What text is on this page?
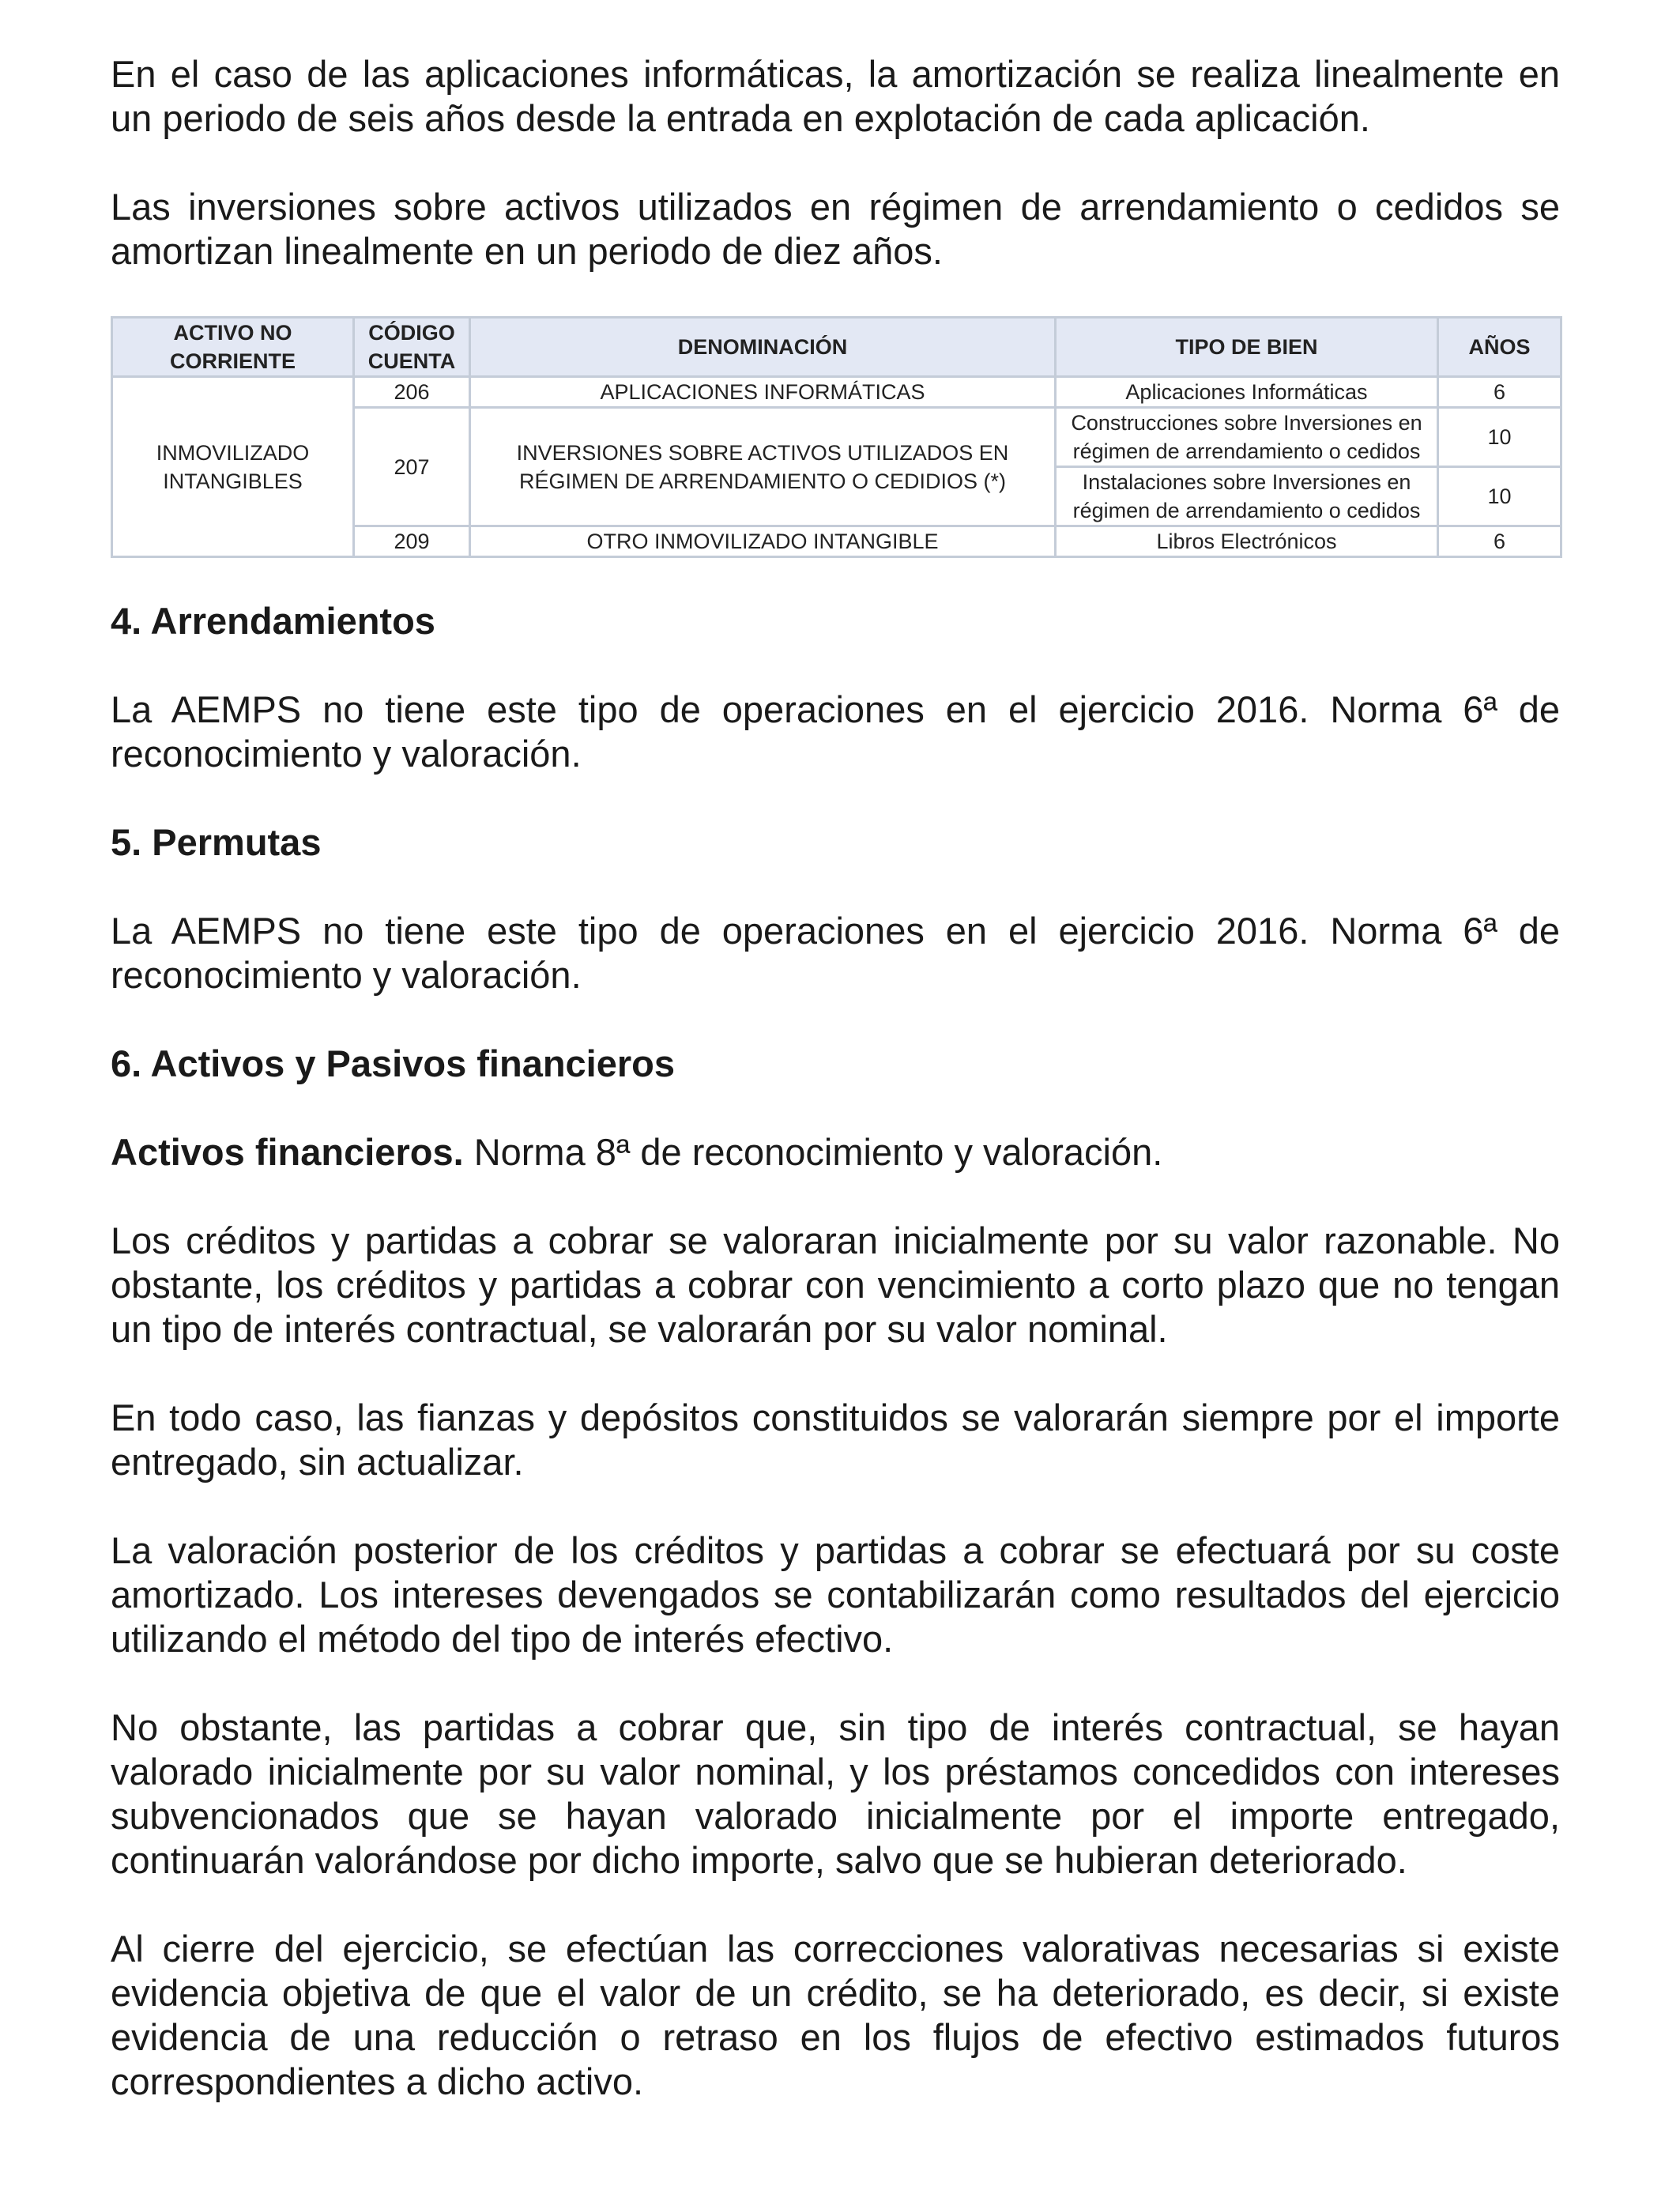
En el caso de las aplicaciones informáticas, la amortización se realiza linealmente en un periodo de seis años desde la entrada en explotación de cada aplicación.

Las inversiones sobre activos utilizados en régimen de arrendamiento o cedidos se amortizan linealmente en un periodo de diez años.

ACTIVO NO CORRIENTE	CÓDIGO CUENTA	DENOMINACIÓN	TIPO DE BIEN	AÑOS

INMOVILIZADO INTANGIBLES	206	APLICACIONES INFORMÁTICAS	Aplicaciones Informáticas	6
	207	INVERSIONES SOBRE ACTIVOS UTILIZADOS EN RÉGIMEN DE ARRENDAMIENTO O CEDIDIOS (*)	Construcciones sobre Inversiones en régimen de arrendamiento o cedidos	10
			Instalaciones sobre Inversiones en régimen de arrendamiento o cedidos	10
	209	OTRO INMOVILIZADO INTANGIBLE	Libros Electrónicos	6
4. Arrendamientos

La AEMPS no tiene este tipo de operaciones en el ejercicio 2016. Norma 6ª de reconocimiento y valoración.

5. Permutas

La AEMPS no tiene este tipo de operaciones en el ejercicio 2016. Norma 6ª de reconocimiento y valoración.

6. Activos y Pasivos financieros

Activos financieros. Norma 8ª de reconocimiento y valoración.

Los créditos y partidas a cobrar se valoraran inicialmente por su valor razonable. No obstante, los créditos y partidas a cobrar con vencimiento a corto plazo que no tengan un tipo de interés contractual, se valorarán por su valor nominal.

En todo caso, las fianzas y depósitos constituidos se valorarán siempre por el importe entregado, sin actualizar.

La valoración posterior de los créditos y partidas a cobrar se efectuará por su coste amortizado. Los intereses devengados se contabilizarán como resultados del ejercicio utilizando el método del tipo de interés efectivo.

No obstante, las partidas a cobrar que, sin tipo de interés contractual, se hayan valorado inicialmente por su valor nominal, y los préstamos concedidos con intereses subvencionados que se hayan valorado inicialmente por el importe entregado, continuarán valorándose por dicho importe, salvo que se hubieran deteriorado.

Al cierre del ejercicio, se efectúan las correcciones valorativas necesarias si existe evidencia objetiva de que el valor de un crédito, se ha deteriorado, es decir, si existe evidencia de una reducción o retraso en los flujos de efectivo estimados futuros correspondientes a dicho activo.
